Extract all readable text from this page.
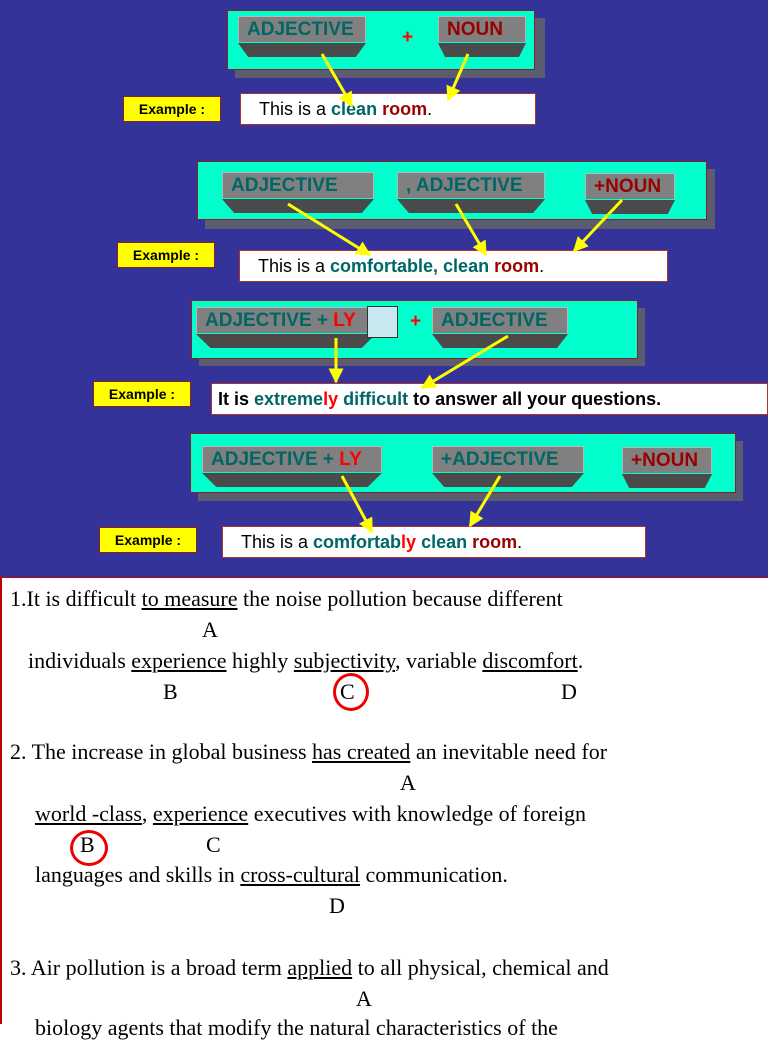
ADJECTIVE	+	NOUN
Example :	This is a clean room.
ADJECTIVE	, ADJECTIVE	+NOUN
Example :
This is a comfortable, clean room.
ADJECTIVE + LY	+	ADJECTIVE
Example :	It is extremely difficult to answer all your questions.
ADJECTIVE + LY	+ADJECTIVE	+NOUN
Example :	This is a comfortably clean room.
1.It is difficult to measure the noise pollution because different
A
individuals experience highly subjectivity, variable discomfort.
B	C	D
2. The increase in global business has created an inevitable need for
A
world -class, experience executives with knowledge of foreign
B	C
languages and skills in cross-cultural communication.
D
3. Air pollution is a broad term applied to all physical, chemical and
A
biology agents that modify the natural characteristics of the
